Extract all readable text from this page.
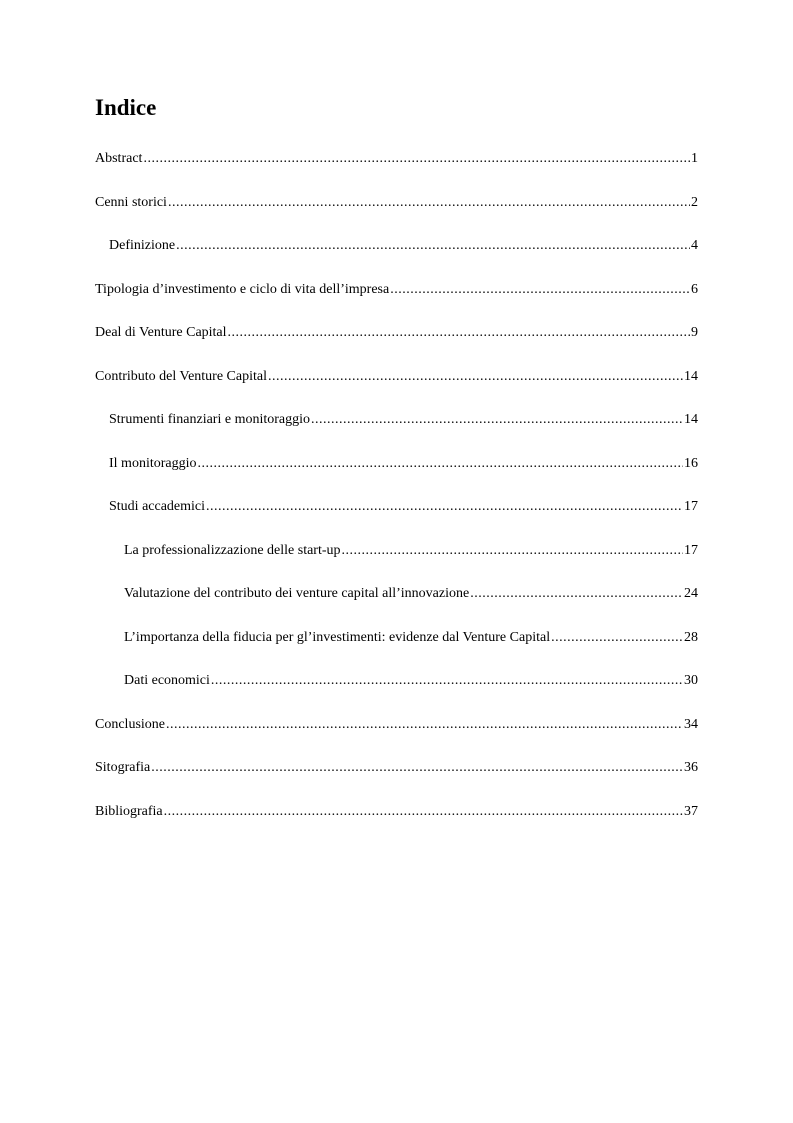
Indice
Abstract .....	1
Cenni storici .....	2
Definizione .....	4
Tipologia d’investimento e ciclo di vita dell’impresa .....	6
Deal di Venture Capital .....	9
Contributo del Venture Capital .....	14
Strumenti finanziari e monitoraggio .....	14
Il monitoraggio .....	16
Studi accademici .....	17
La professionalizzazione delle start-up .....	17
Valutazione del contributo dei venture capital all’innovazione .....	24
L’importanza della fiducia per gl’investimenti: evidenze dal Venture Capital .....	28
Dati economici .....	30
Conclusione .....	34
Sitografia .....	36
Bibliografia .....	37
